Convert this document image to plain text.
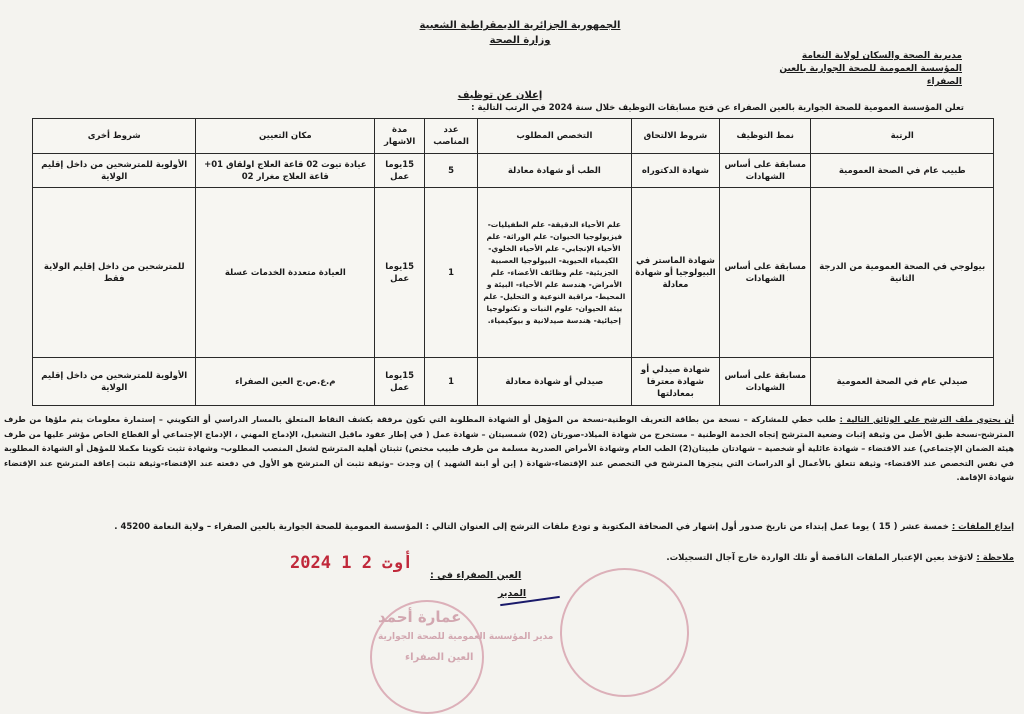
الجمهورية الجزائرية الديمقراطية الشعبية
وزارة الصحة
مديرية الصحة والسكان لولاية النعامة
المؤسسة العمومية للصحة الجوارية بالعين الصفراء
إعلان عن توظيف
تعلن المؤسسة العمومية للصحة الجوارية بالعين الصفراء عن فتح مسابقات التوظيف خلال سنة 2024 في الرتب التالية :
الرتبة	نمط التوظيف	شروط الالتحاق	التخصص المطلوب	عدد المناصب	مدة الاشهار	مكان التعيين	شروط أخرى
طبيب عام في الصحة العمومية	مسابقة على أساس الشهادات	شهادة الدكتوراه	الطب أو شهادة معادلة	5	15يوما عمل	عيادة تيوت 02 قاعة العلاج اولقاق 01+ قاعة العلاج مغرار 02	الأولوية للمترشحين من داخل إقليم الولاية
بيولوجي في الصحة العمومية من الدرجة الثانية	مسابقة على أساس الشهادات	شهادة الماستر في البيولوجيا أو شهادة معادلة	علم الأحياء الدقيقة- علم الطفيليات- فيزيولوجيا الحيوان- علم الوراثة- علم الأحياء الإنجابي- علم الأحياء الخلوي- الكيمياء الحيوية- البيولوجيا العصبية الجزيئية- علم وظائف الأعضاء- علم الأمراض- هندسة علم الأحياء- البيئة و المحيط- مراقبة النوعية و التحليل- علم بيئة الحيوان- علوم النبات و تكنولوجيا إحيائية- هندسة صيدلانية و بيوكيمياء.	1	15يوما عمل	العيادة متعددة الخدمات عسلة	للمترشحين من داخل إقليم الولاية فقط
صيدلي عام في الصحة العمومية	مسابقة على أساس الشهادات	شهادة صيدلي أو شهادة معترفا بمعادلتها	صيدلي أو شهادة معادلة	1	15يوما عمل	م.ع.ص.ج العين الصفراء	الأولوية للمترشحين من داخل إقليم الولاية

أن يحتوي ملف الترشح على الوثائق التالية : طلب خطي للمشاركة – نسخة من بطاقة التعريف الوطنية-نسخة من المؤهل أو الشهادة المطلوبة التي تكون مرفقة بكشف النقاط المتعلق بالمسار الدراسي أو التكويني – إستمارة معلومات يتم ملؤها من طرف المترشح-نسخة طبق الأصل من وثيقة إثبات وضعية المترشح إتجاه الخدمة الوطنية – مستخرج من شهادة الميلاد-صورتان (02) شمسيتان – شهادة عمل ( في إطار عقود ماقبل التشغيل، الإدماج المهني ، الإدماج الإجتماعي أو القطاع الخاص مؤشر عليها من طرف هيئة الضمان الإجتماعي) عند الاقتضاء – شهادة عائلية أو شخصية – شهادتان طبيتان(2) الطب العام وشهادة الأمراض الصدرية مسلمة من طرف طبيب مختص) تثبتان أهلية المترشح لشغل المنصب المطلوب- وشهادة تثبت تكوينا مكملا للمؤهل أو الشهادة المطلوبة في نفس التخصص عند الاقتضاء- وثيقة تتعلق بالأعمال أو الدراسات التي ينجزها المترشح في التخصص عند الإقتضاء-شهادة ( إبن أو ابنة الشهيد ) إن وجدت –وثيقة تثبت أن المترشح هو الأول في دفعته عند الإقتضاء-وثيقة تثبت إعاقة المترشح عند الإقتضاء شهادة الإقامة.

إيداع الملفات : خمسة عشر ( 15 ) يوما عمل إبتداء من تاريخ صدور أول إشهار في الصحافة المكتوبة و تودع ملفات الترشح إلى العنوان التالي : المؤسسة العمومية للصحة الجوارية بالعين الصفراء – ولاية النعامة 45200 .
ملاحظة : لاتؤخذ بعين الإعتبار الملفات الناقصة أو تلك الواردة خارج آجال التسجيلات.
2024 أوت 2 1
العين الصفراء في :
المدير
عمارة أحمد
مدير المؤسسة العمومية للصحة الجوارية
العين الصفراء
